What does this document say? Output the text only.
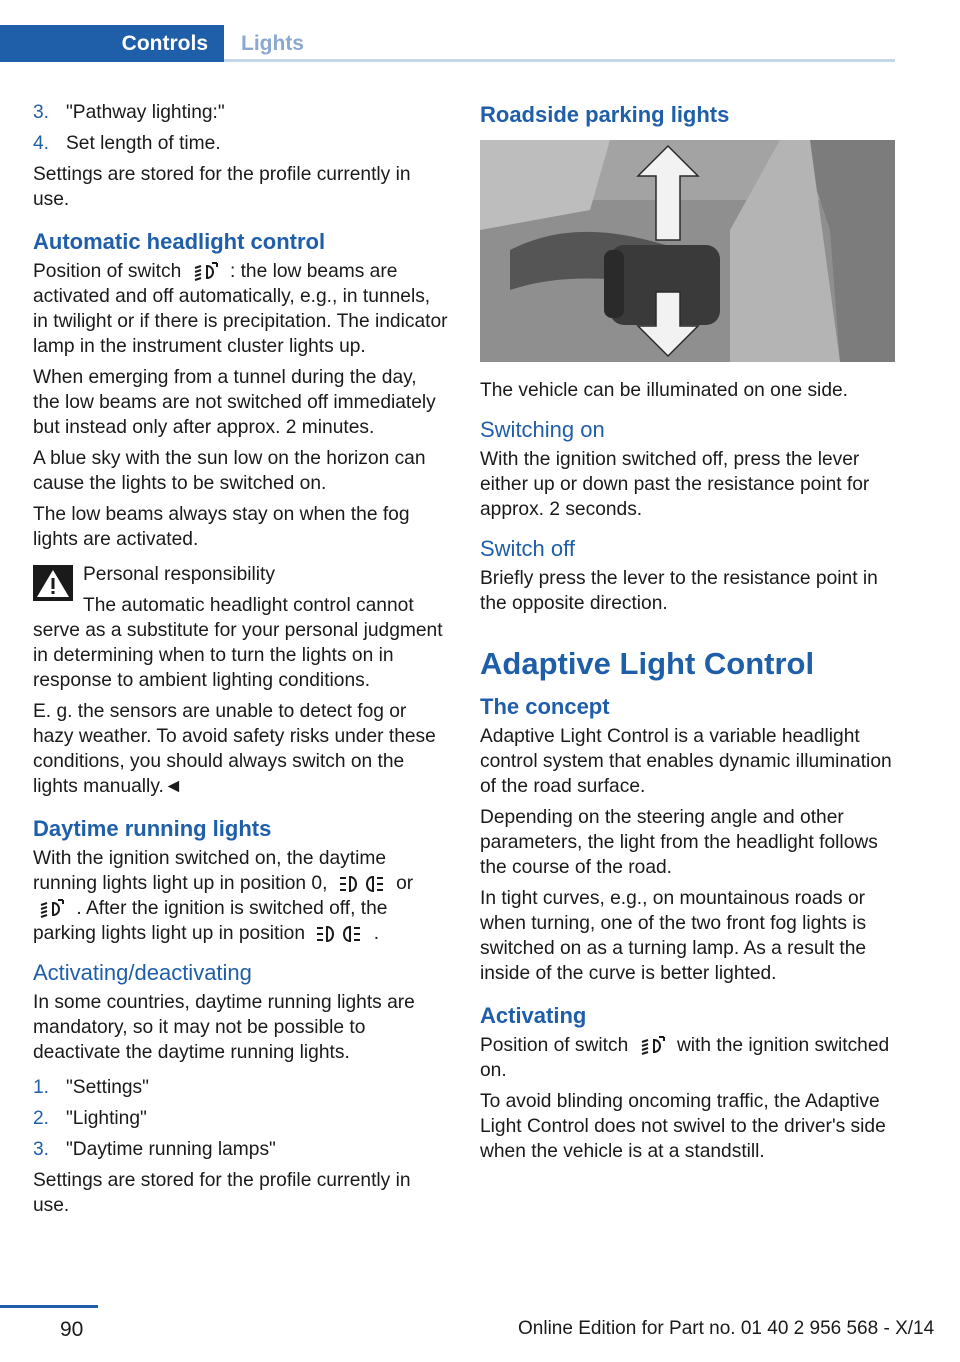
Controls	Lights
3. "Pathway lighting:"
4. Set length of time.

Settings are stored for the profile currently in use.

Automatic headlight control

Position of switch	: the low beams are activated and off automatically, e.g., in tunnels, in twilight or if there is precipitation. The indicator lamp in the instrument cluster lights up.

When emerging from a tunnel during the day, the low beams are not switched off immediately but instead only after approx. 2 minutes.

A blue sky with the sun low on the horizon can cause the lights to be switched on.

The low beams always stay on when the fog lights are activated.

Personal responsibility

The automatic headlight control cannot serve as a substitute for your personal judgment in determining when to turn the lights on in response to ambient lighting conditions.

E. g. the sensors are unable to detect fog or hazy weather. To avoid safety risks under these conditions, you should always switch on the lights manually.◄

Daytime running lights

With the ignition switched on, the daytime running lights light up in position 0,	or  . After the ignition is switched off, the parking lights light up in position	.

Activating/deactivating

In some countries, daytime running lights are mandatory, so it may not be possible to deactivate the daytime running lights.

1. "Settings"
2. "Lighting"
3. "Daytime running lamps"

Settings are stored for the profile currently in use.

Roadside parking lights

The vehicle can be illuminated on one side.

Switching on

With the ignition switched off, press the lever either up or down past the resistance point for approx. 2 seconds.

Switch off

Briefly press the lever to the resistance point in the opposite direction.

Adaptive Light Control
The concept

Adaptive Light Control is a variable headlight control system that enables dynamic illumination of the road surface.

Depending on the steering angle and other parameters, the light from the headlight follows the course of the road.

In tight curves, e.g., on mountainous roads or when turning, one of the two front fog lights is switched on as a turning lamp. As a result the inside of the curve is better lighted.

Activating

Position of switch	with the ignition switched on.

To avoid blinding oncoming traffic, the Adaptive Light Control does not swivel to the driver's side when the vehicle is at a standstill.

90	Online Edition for Part no. 01 40 2 956 568 - X/14
